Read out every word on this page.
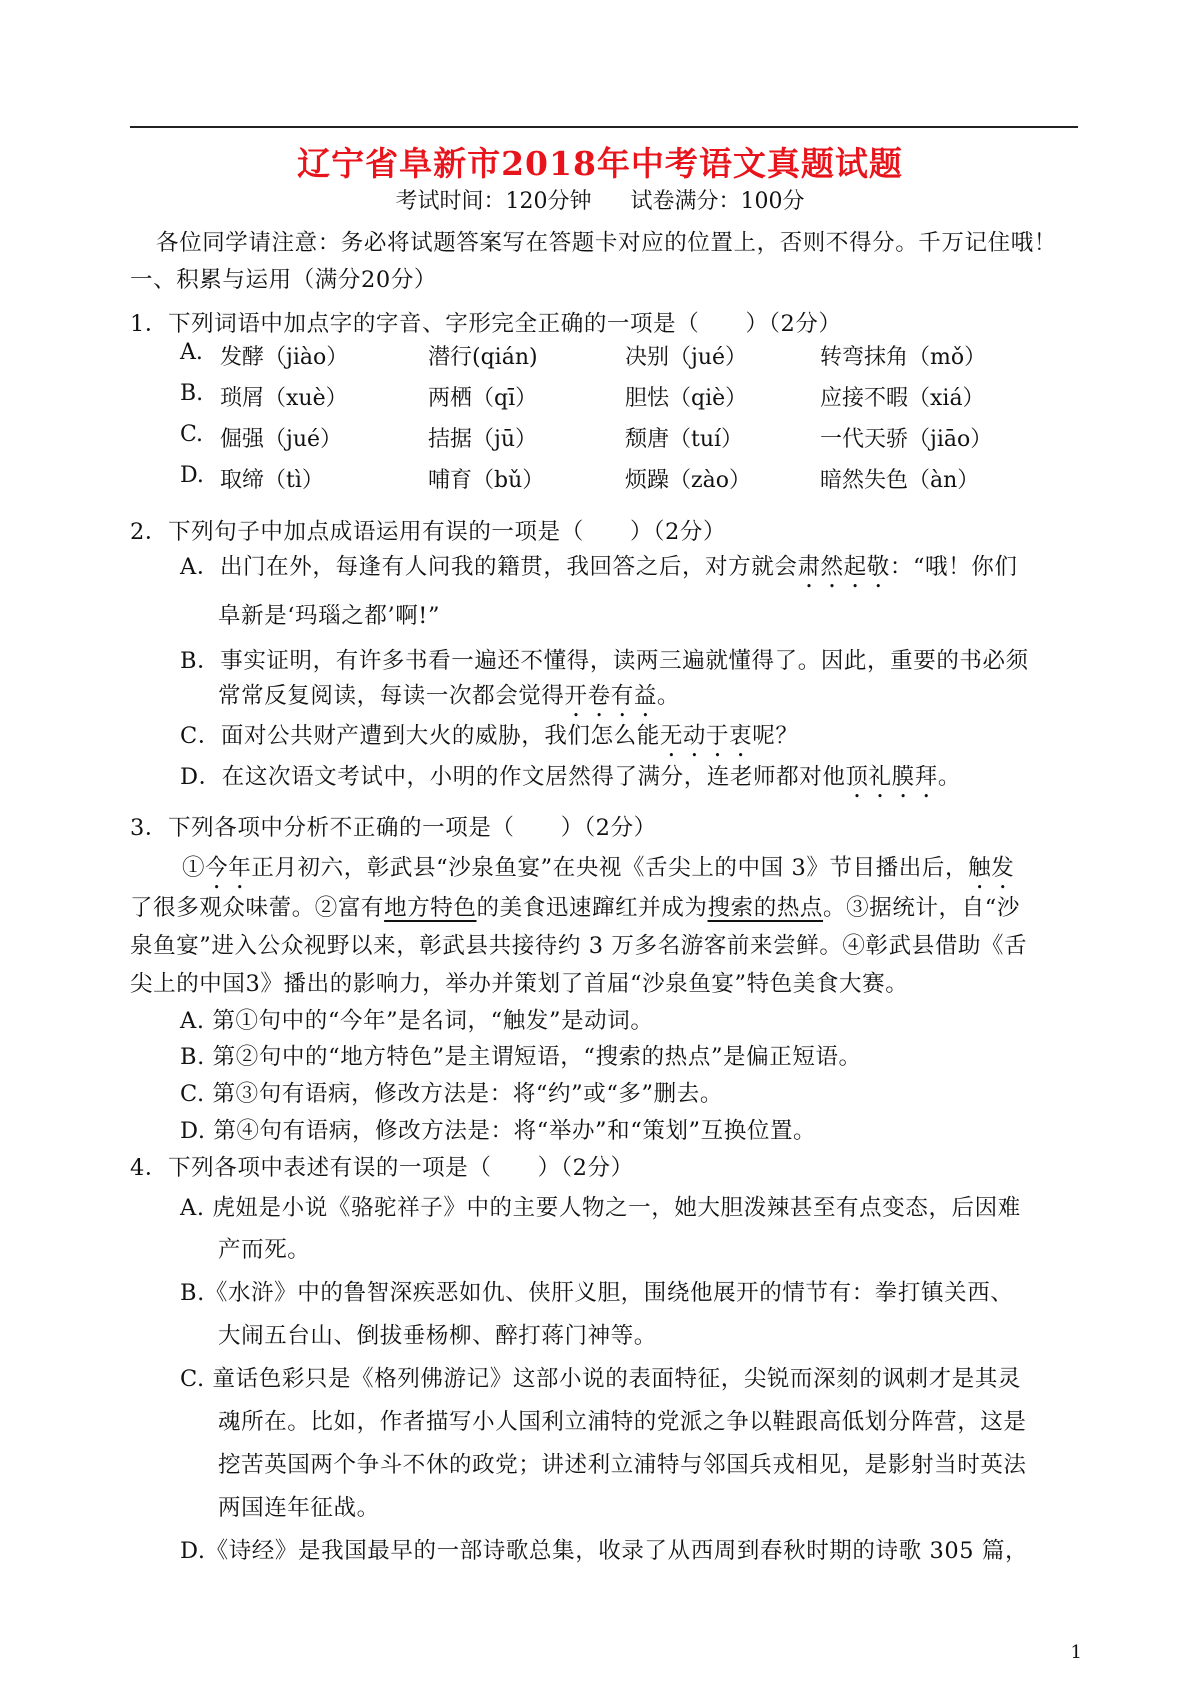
辽宁省阜新市2018年中考语文真题试题
考试时间：120分钟 试卷满分：100分
各位同学请注意：务必将试题答案写在答题卡对应的位置上，否则不得分。千万记住哦！
一、积累与运用（满分20分）
1．下列词语中加点字的字音、字形完全正确的一项是（　　）（2分）
A. 发酵（jiào）	潜行(qián)	决别（jué）	转弯抹角（mǒ）
B. 琐屑（xuè）	两栖（qī）	胆怯（qiè）	应接不暇（xiá）
C. 倔强（jué）	拮据（jū）	颓唐（tuí）	一代天骄（jiāo）
D. 取缔（tì）	哺育（bǔ）	烦躁（zào）	暗然失色（àn）
2．下列句子中加点成语运用有误的一项是（　　）（2分）
A．出门在外，每逢有人问我的籍贯，我回答之后，对方就会肃然起敬：“哦！你们
阜新是‘玛瑙之都’啊!”
B．事实证明，有许多书看一遍还不懂得，读两三遍就懂得了。因此，重要的书必须
常常反复阅读，每读一次都会觉得开卷有益。
C．面对公共财产遭到大火的威胁，我们怎么能无动于衷呢？
D．在这次语文考试中，小明的作文居然得了满分，连老师都对他顶礼膜拜。
3．下列各项中分析不正确的一项是（　　）（2分）
①今年正月初六，彰武县“沙泉鱼宴”在央视《舌尖上的中国 3》节目播出后，触发
了很多观众味蕾。②富有地方特色的美食迅速蹿红并成为搜索的热点。③据统计，自“沙
泉鱼宴”进入公众视野以来，彰武县共接待约 3 万多名游客前来尝鲜。④彰武县借助《舌
尖上的中国3》播出的影响力，举办并策划了首届“沙泉鱼宴”特色美食大赛。
A. 第①句中的“今年”是名词，“触发”是动词。
B. 第②句中的“地方特色”是主谓短语，“搜索的热点”是偏正短语。
C. 第③句有语病，修改方法是：将“约”或“多”删去。
D. 第④句有语病，修改方法是：将“举办”和“策划”互换位置。
4．下列各项中表述有误的一项是（　　）（2分）
A. 虎妞是小说《骆驼祥子》中的主要人物之一，她大胆泼辣甚至有点变态，后因难
产而死。
B.《水浒》中的鲁智深疾恶如仇、侠肝义胆，围绕他展开的情节有：拳打镇关西、
大闹五台山、倒拔垂杨柳、醉打蒋门神等。
C. 童话色彩只是《格列佛游记》这部小说的表面特征，尖锐而深刻的讽刺才是其灵
魂所在。比如，作者描写小人国利立浦特的党派之争以鞋跟高低划分阵营，这是
挖苦英国两个争斗不休的政党；讲述利立浦特与邻国兵戎相见，是影射当时英法
两国连年征战。
D.《诗经》是我国最早的一部诗歌总集，收录了从西周到春秋时期的诗歌 305 篇，
1
